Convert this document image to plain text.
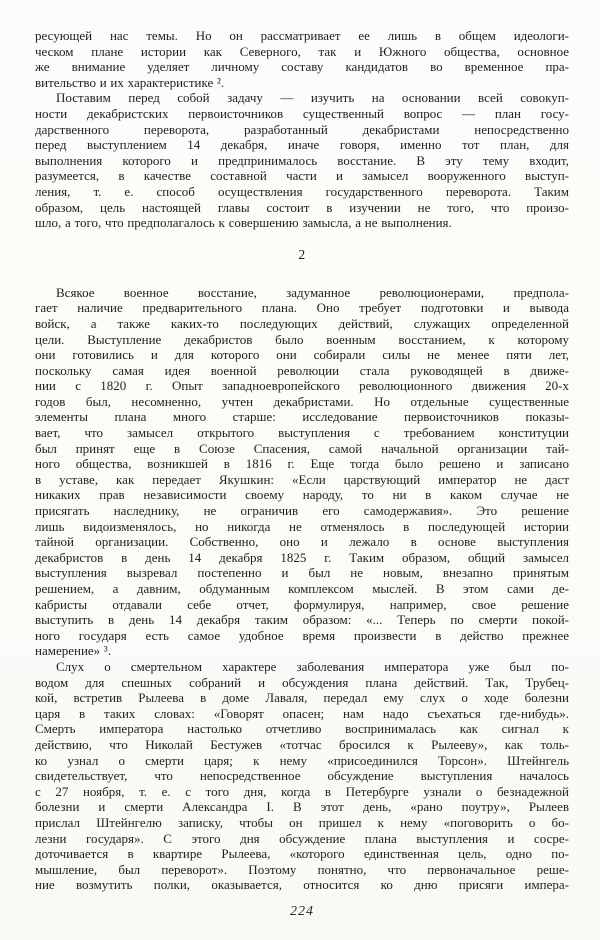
ресующей нас темы. Но он рассматривает ее лишь в общем идеологи-
ческом плане истории как Северного, так и Южного общества, основное
же внимание уделяет личному составу кандидатов во временное пра-
вительство и их характеристике ².
Поставим перед собой задачу — изучить на основании всей совокуп-
ности декабристских первоисточников существенный вопрос — план госу-
дарственного переворота, разработанный декабристами непосредственно
перед выступлением 14 декабря, иначе говоря, именно тот план, для
выполнения которого и предпринималось восстание. В эту тему входит,
разумеется, в качестве составной части и замысел вооруженного выступ-
ления, т. е. способ осуществления государственного переворота. Таким
образом, цель настоящей главы состоит в изучении не того, что произо-
шло, а того, что предполагалось к совершению замысла, а не выполнения.
2
Всякое военное восстание, задуманное революционерами, предпола-
гает наличие предварительного плана. Оно требует подготовки и вывода
войск, а также каких-то последующих действий, служащих определенной
цели. Выступление декабристов было военным восстанием, к которому
они готовились и для которого они собирали силы не менее пяти лет,
поскольку самая идея военной революции стала руководящей в движе-
нии с 1820 г. Опыт западноевропейского революционного движения 20-х
годов был, несомненно, учтен декабристами. Но отдельные существенные
элементы плана много старше: исследование первоисточников показы-
вает, что замысел открытого выступления с требованием конституции
был принят еще в Союзе Спасения, самой начальной организации тай-
ного общества, возникшей в 1816 г. Еще тогда было решено и записано
в уставе, как передает Якушкин: «Если царствующий император не даст
никаких прав независимости своему народу, то ни в каком случае не
присягать наследнику, не ограничив его самодержавия». Это решение
лишь видоизменялось, но никогда не отменялось в последующей истории
тайной организации. Собственно, оно и лежало в основе выступления
декабристов в день 14 декабря 1825 г. Таким образом, общий замысел
выступления вызревал постепенно и был не новым, внезапно принятым
решением, а давним, обдуманным комплексом мыслей. В этом сами де-
кабристы отдавали себе отчет, формулируя, например, свое решение
выступить в день 14 декабря таким образом: «... Теперь по смерти покой-
ного государя есть самое удобное время произвести в действо прежнее
намерение» ³.
Слух о смертельном характере заболевания императора уже был по-
водом для спешных собраний и обсуждения плана действий. Так, Трубец-
кой, встретив Рылеева в доме Лаваля, передал ему слух о ходе болезни
царя в таких словах: «Говорят опасен; нам надо съехаться где-нибудь».
Смерть императора настолько отчетливо воспринималась как сигнал к
действию, что Николай Бестужев «тотчас бросился к Рылееву», как толь-
ко узнал о смерти царя; к нему «присоединился Торсон». Штейнгель
свидетельствует, что непосредственное обсуждение выступления началось
с 27 ноября, т. е. с того дня, когда в Петербурге узнали о безнадежной
болезни и смерти Александра I. В этот день, «рано поутру», Рылеев
прислал Штейнгелю записку, чтобы он пришел к нему «поговорить о бо-
лезни государя». С этого дня обсуждение плана выступления и сосре-
доточивается в квартире Рылеева, «которого единственная цель, одно по-
мышление, был переворот». Поэтому понятно, что первоначальное реше-
ние возмутить полки, оказывается, относится ко дню присяги импера-
224
